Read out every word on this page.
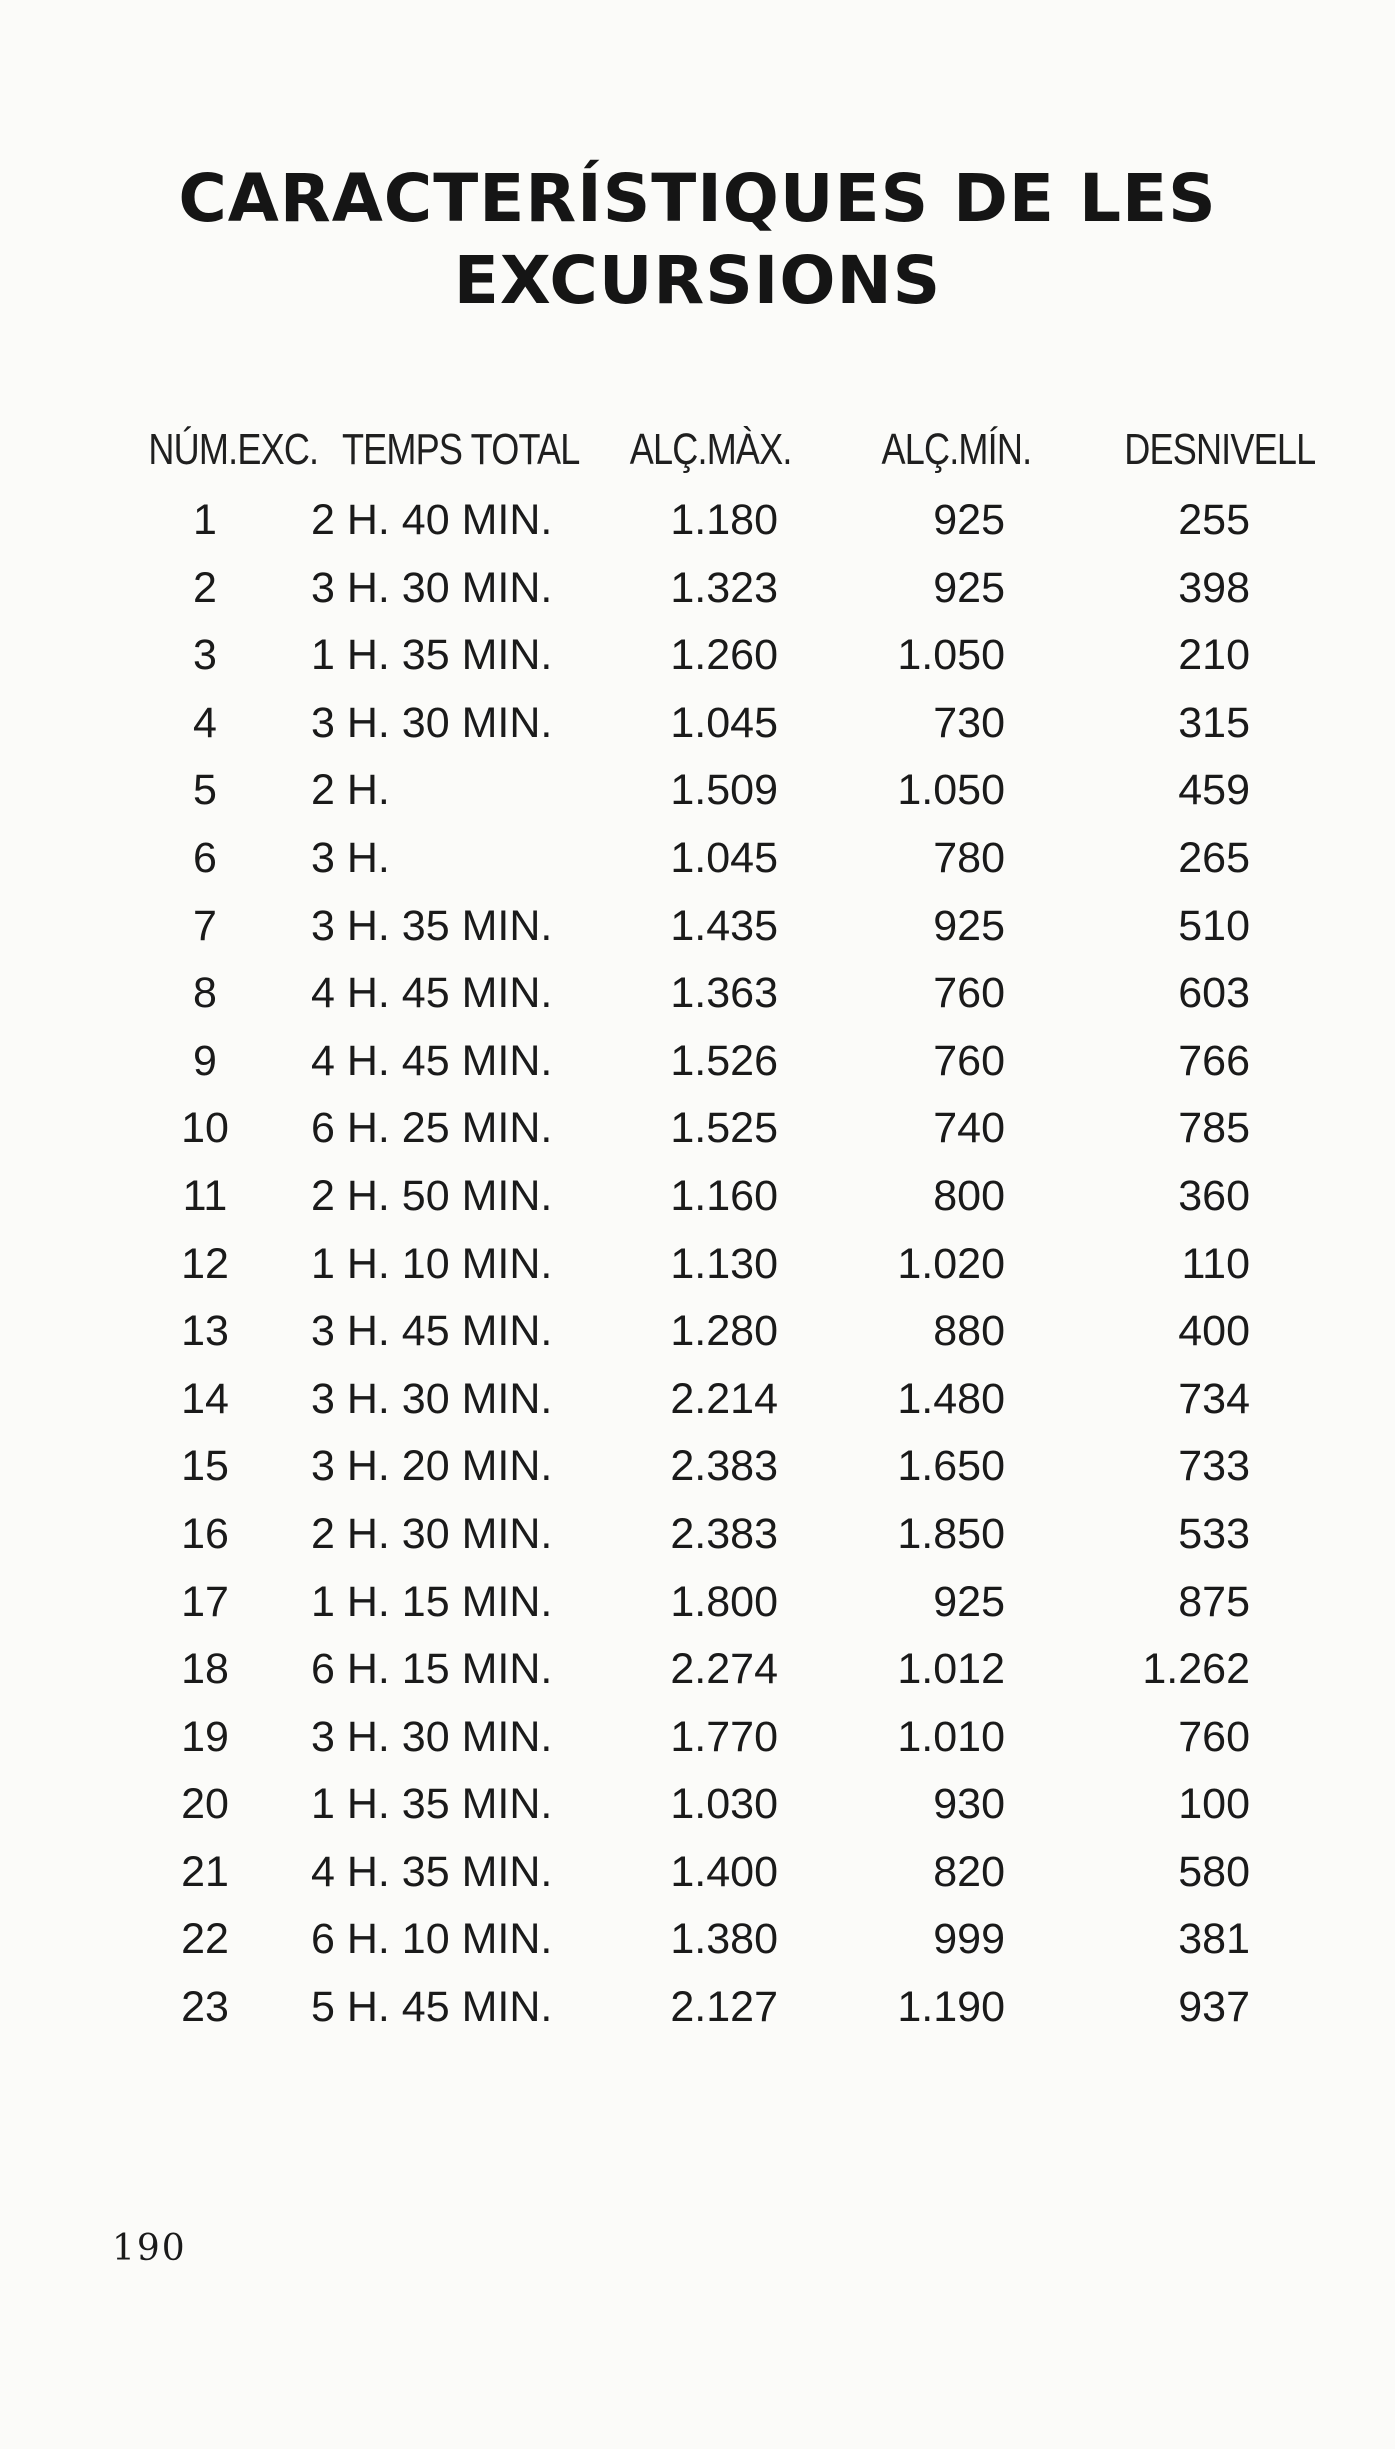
CARACTERÍSTIQUES DE LES
EXCURSIONS
NÚM.EXC. TEMPS TOTAL ALÇ.MÀX. ALÇ.MÍN. DESNIVELL
1	2 H. 40 MIN.	1.180	925	255
2	3 H. 30 MIN.	1.323	925	398
3	1 H. 35 MIN.	1.260	1.050	210
4	3 H. 30 MIN.	1.045	730	315
5	2 H.	1.509	1.050	459
6	3 H.	1.045	780	265
7	3 H. 35 MIN.	1.435	925	510
8	4 H. 45 MIN.	1.363	760	603
9	4 H. 45 MIN.	1.526	760	766
10	6 H. 25 MIN.	1.525	740	785
11	2 H. 50 MIN.	1.160	800	360
12	1 H. 10 MIN.	1.130	1.020	110
13	3 H. 45 MIN.	1.280	880	400
14	3 H. 30 MIN.	2.214	1.480	734
15	3 H. 20 MIN.	2.383	1.650	733
16	2 H. 30 MIN.	2.383	1.850	533
17	1 H. 15 MIN.	1.800	925	875
18	6 H. 15 MIN.	2.274	1.012	1.262
19	3 H. 30 MIN.	1.770	1.010	760
20	1 H. 35 MIN.	1.030	930	100
21	4 H. 35 MIN.	1.400	820	580
22	6 H. 10 MIN.	1.380	999	381
23	5 H. 45 MIN.	2.127	1.190	937
190
